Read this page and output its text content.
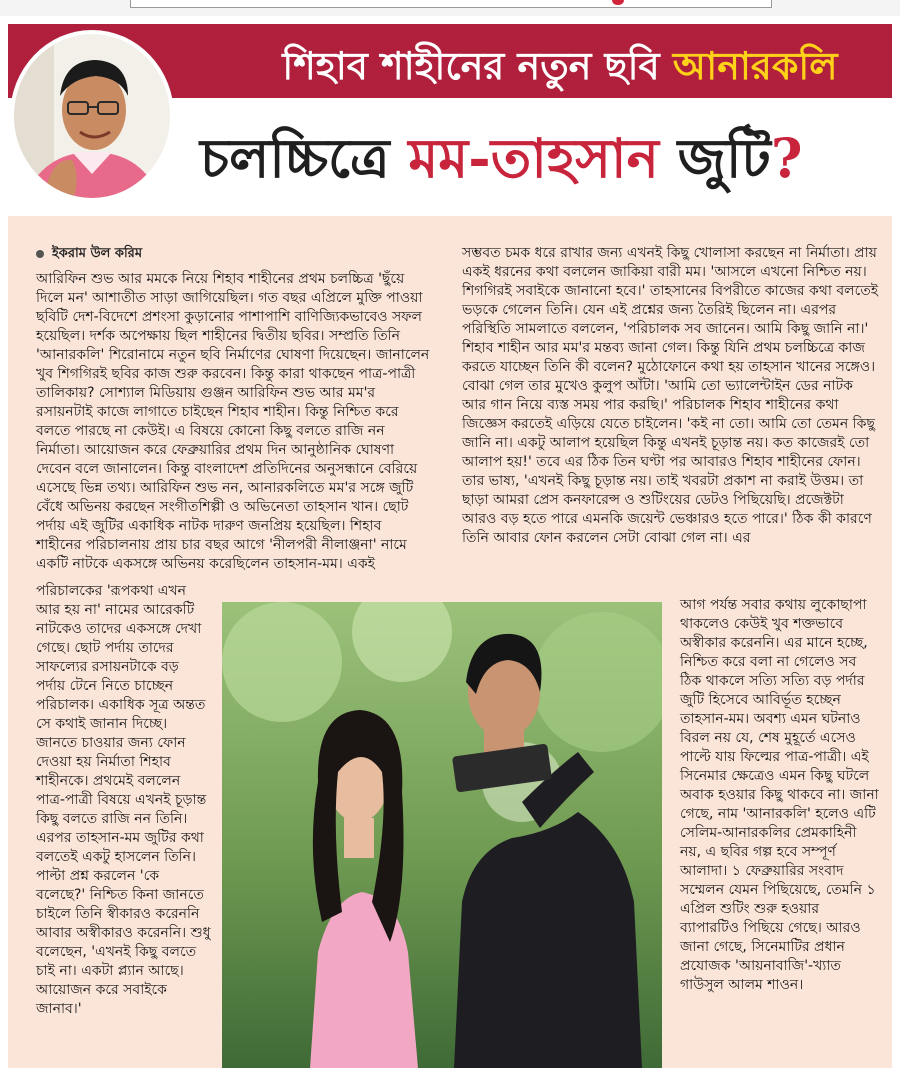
শিহাব শাহীনের নতুন ছবি আনারকলি
চলচ্চিত্রে মম-তাহসান জুটি?
ইকরাম উল করিম

আরিফিন শুভ আর মমকে নিয়ে শিহাব শাহীনের প্রথম চলচ্চিত্র 'ছুঁয়ে দিলে মন' আশাতীত সাড়া জাগিয়েছিল। গত বছর এপ্রিলে মুক্তি পাওয়া ছবিটি দেশ-বিদেশে প্রশংসা কুড়ানোর পাশাপাশি বাণিজ্যিকভাবেও সফল হয়েছিল। দর্শক অপেক্ষায় ছিল শাহীনের দ্বিতীয় ছবির। সম্প্রতি তিনি 'আনারকলি' শিরোনামে নতুন ছবি নির্মাণের ঘোষণা দিয়েছেন। জানালেন খুব শিগগিরই ছবির কাজ শুরু করবেন। কিন্তু কারা থাকছেন পাত্র-পাত্রী তালিকায়? সোশ্যাল মিডিয়ায় গুঞ্জন আরিফিন শুভ আর মম'র রসায়নটাই কাজে লাগাতে চাইছেন শিহাব শাহীন। কিন্তু নিশ্চিত করে বলতে পারছে না কেউই। এ বিষয়ে কোনো কিছু বলতে রাজি নন নির্মাতা। আয়োজন করে ফেব্রুয়ারির প্রথম দিন আনুষ্ঠানিক ঘোষণা দেবেন বলে জানালেন। কিন্তু বাংলাদেশ প্রতিদিনের অনুসন্ধানে বেরিয়ে এসেছে ভিন্ন তথ্য। আরিফিন শুভ নন, আনারকলিতে মম'র সঙ্গে জুটি বেঁধে অভিনয় করছেন সংগীতশিল্পী ও অভিনেতা তাহসান খান। ছোট পর্দায় এই জুটির একাধিক নাটক দারুণ জনপ্রিয় হয়েছিল। শিহাব শাহীনের পরিচালনায় প্রায় চার বছর আগে 'নীলপরী নীলাঞ্জনা' নামে একটি নাটকে একসঙ্গে অভিনয় করেছিলেন তাহসান-মম। একই

পরিচালকের 'রূপকথা এখন আর হয় না' নামের আরেকটি নাটকেও তাদের একসঙ্গে দেখা গেছে। ছোট পর্দায় তাদের সাফল্যের রসায়নটাকে বড় পর্দায় টেনে নিতে চাচ্ছেন পরিচালক। একাধিক সূত্র অন্তত সে কথাই জানান দিচ্ছে। জানতে চাওয়ার জন্য ফোন দেওয়া হয় নির্মাতা শিহাব শাহীনকে। প্রথমেই বললেন পাত্র-পাত্রী বিষয়ে এখনই চূড়ান্ত কিছু বলতে রাজি নন তিনি। এরপর তাহসান-মম জুটির কথা বলতেই একটু হাসলেন তিনি। পাল্টা প্রশ্ন করলেন 'কে বলেছে?' নিশ্চিত কিনা জানতে চাইলে তিনি স্বীকারও করেননি আবার অস্বীকারও করেননি। শুধু বলেছেন, 'এখনই কিছু বলতে চাই না। একটা প্ল্যান আছে। আয়োজন করে সবাইকে জানাব।'

সম্ভবত চমক ধরে রাখার জন্য এখনই কিছু খোলাসা করছেন না নির্মাতা। প্রায় একই ধরনের কথা বললেন জাকিয়া বারী মম। 'আসলে এখনো নিশ্চিত নয়। শিগগিরই সবাইকে জানানো হবে।' তাহসানের বিপরীতে কাজের কথা বলতেই ভড়কে গেলেন তিনি। যেন এই প্রশ্নের জন্য তৈরিই ছিলেন না। এরপর পরিস্থিতি সামলাতে বললেন, 'পরিচালক সব জানেন। আমি কিছু জানি না।'

শিহাব শাহীন আর মম'র মন্তব্য জানা গেল। কিন্তু যিনি প্রথম চলচ্চিত্রে কাজ করতে যাচ্ছেন তিনি কী বলেন? মুঠোফোনে কথা হয় তাহসান খানের সঙ্গেও। বোঝা গেল তার মুখেও কুলুপ আঁটা। 'আমি তো ভ্যালেন্টাইন ডের নাটক আর গান নিয়ে ব্যস্ত সময় পার করছি।' পরিচালক শিহাব শাহীনের কথা জিজ্ঞেস করতেই এড়িয়ে যেতে চাইলেন। 'কই না তো। আমি তো তেমন কিছু জানি না। একটু আলাপ হয়েছিল কিন্তু এখনই চূড়ান্ত নয়। কত কাজেরই তো আলাপ হয়!' তবে এর ঠিক তিন ঘণ্টা পর আবারও শিহাব শাহীনের ফোন। তার ভাষ্য, 'এখনই কিছু চূড়ান্ত নয়। তাই খবরটা প্রকাশ না করাই উত্তম। তা ছাড়া আমরা প্রেস কনফারেন্স ও শুটিংয়ের ডেটও পিছিয়েছি। প্রজেক্টটা আরও বড় হতে পারে এমনকি জয়েন্ট ভেঞ্চারও হতে পারে।' ঠিক কী কারণে তিনি আবার ফোন করলেন সেটা বোঝা গেল না। এর

আগ পর্যন্ত সবার কথায় লুকোছাপা থাকলেও কেউই খুব শক্তভাবে অস্বীকার করেননি। এর মানে হচ্ছে, নিশ্চিত করে বলা না গেলেও সব ঠিক থাকলে সত্যি সত্যি বড় পর্দার জুটি হিসেবে আবির্ভূত হচ্ছেন তাহসান-মম। অবশ্য এমন ঘটনাও বিরল নয় যে, শেষ মুহূর্তে এসেও পাল্টে যায় ফিল্মের পাত্র-পাত্রী। এই সিনেমার ক্ষেত্রেও এমন কিছু ঘটলে অবাক হওয়ার কিছু থাকবে না। জানা গেছে, নাম 'আনারকলি' হলেও এটি সেলিম-আনারকলির প্রেমকাহিনী নয়, এ ছবির গল্প হবে সম্পূর্ণ আলাদা। ১ ফেব্রুয়ারির সংবাদ সম্মেলন যেমন পিছিয়েছে, তেমনি ১ এপ্রিল শুটিং শুরু হওয়ার ব্যাপারটিও পিছিয়ে গেছে। আরও জানা গেছে, সিনেমাটির প্রধান প্রযোজক 'আয়নাবাজি'-খ্যাত গাউসুল আলম শাওন।
